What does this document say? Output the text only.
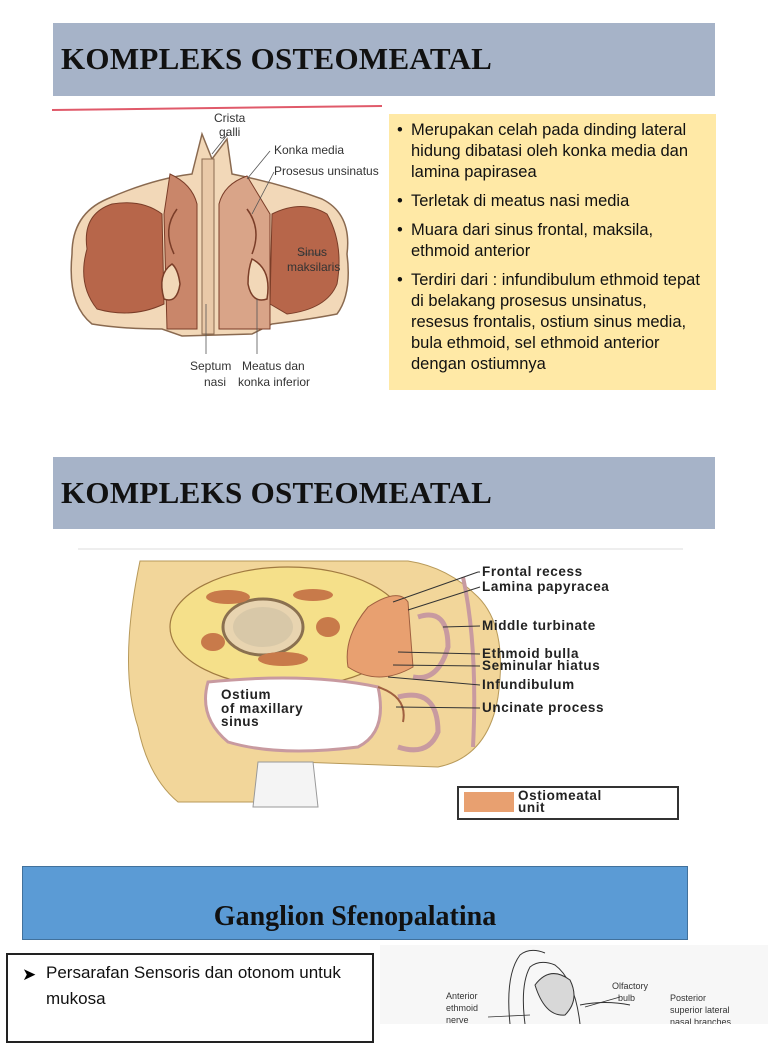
KOMPLEKS OSTEOMEATAL
Crista
galli
Konka media
Prosesus unsinatus
Sinus
maksilaris
Septum
nasi
Meatus dan
konka inferior
• Merupakan celah pada dinding lateral hidung dibatasi oleh konka media dan lamina papirasea
• Terletak di meatus nasi media
• Muara dari sinus frontal, maksila, ethmoid anterior
• Terdiri dari : infundibulum ethmoid tepat di belakang prosesus unsinatus, resesus frontalis, ostium sinus media, bula ethmoid, sel ethmoid anterior dengan ostiumnya
KOMPLEKS OSTEOMEATAL
Frontal recess
Lamina papyracea
Middle turbinate
Ethmoid bulla
Seminular hiatus
Infundibulum
Uncinate process
Ostium
of maxillary
sinus
Ostiomeatal
unit
Ganglion Sfenopalatina
➤ Persarafan Sensoris dan otonom untuk mukosa	Anterior
ethmoid
nerve
Olfactory
bulb	Posterior
superior lateral
nasal branches
